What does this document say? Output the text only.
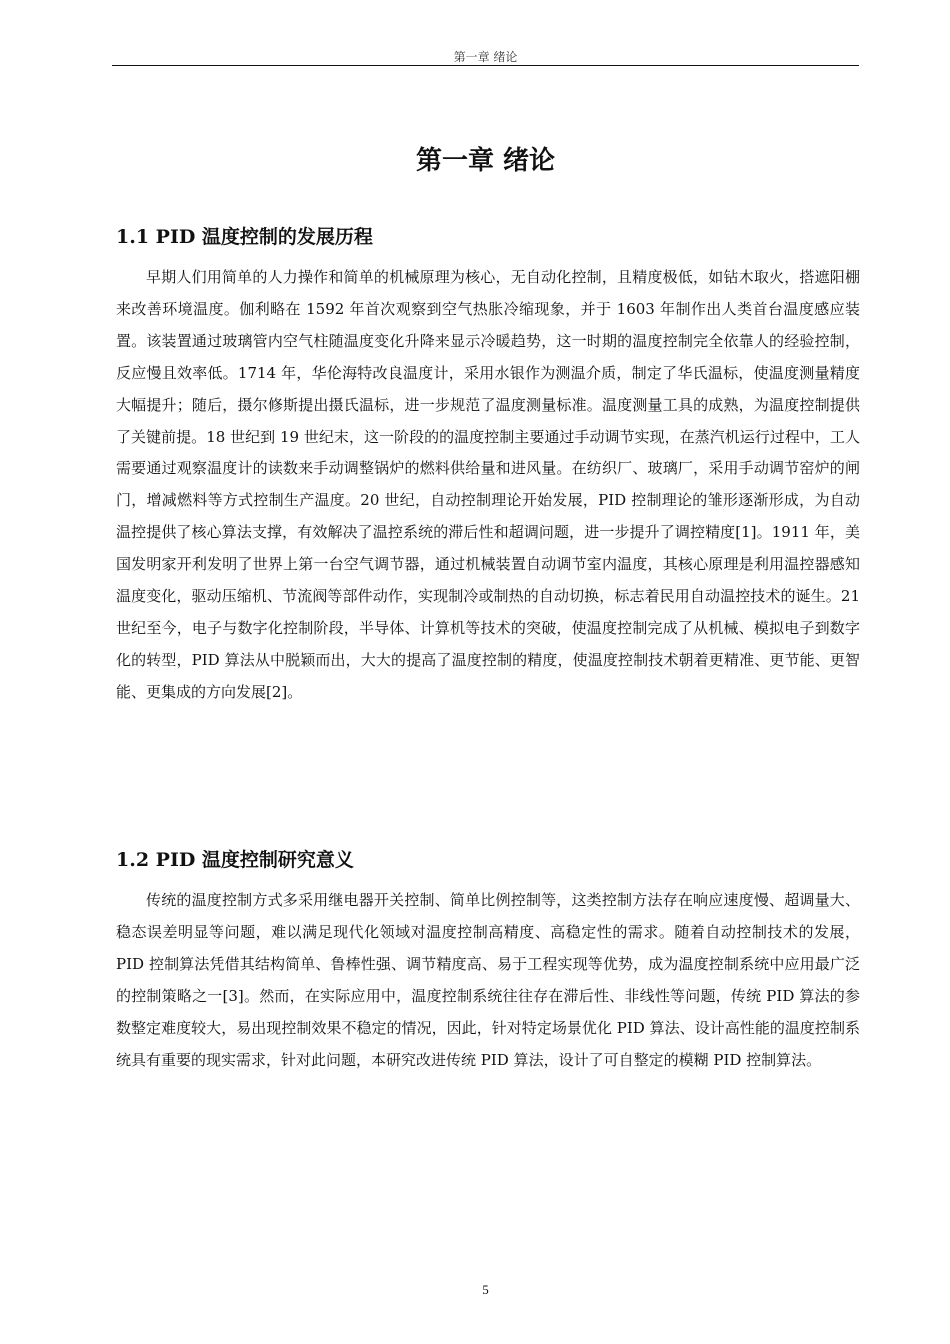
第一章 绪论
第一章 绪论
1.1 PID 温度控制的发展历程

早期人们用简单的人力操作和简单的机械原理为核心，无自动化控制，且精度极低，如钻木取火，搭遮阳棚来改善环境温度。伽利略在 1592 年首次观察到空气热胀冷缩现象，并于 1603 年制作出人类首台温度感应装置。该装置通过玻璃管内空气柱随温度变化升降来显示冷暖趋势，这一时期的温度控制完全依靠人的经验控制，反应慢且效率低。1714 年，华伦海特改良温度计，采用水银作为测温介质，制定了华氏温标，使温度测量精度大幅提升；随后，摄尔修斯提出摄氏温标，进一步规范了温度测量标准。温度测量工具的成熟，为温度控制提供了关键前提。18 世纪到 19 世纪末，这一阶段的的温度控制主要通过手动调节实现，在蒸汽机运行过程中，工人需要通过观察温度计的读数来手动调整锅炉的燃料供给量和进风量。在纺织厂、玻璃厂，采用手动调节窑炉的闸门，增减燃料等方式控制生产温度。20 世纪，自动控制理论开始发展，PID 控制理论的雏形逐渐形成，为自动温控提供了核心算法支撑，有效解决了温控系统的滞后性和超调问题，进一步提升了调控精度[1]。1911 年，美国发明家开利发明了世界上第一台空气调节器，通过机械装置自动调节室内温度，其核心原理是利用温控器感知温度变化，驱动压缩机、节流阀等部件动作，实现制冷或制热的自动切换，标志着民用自动温控技术的诞生。21 世纪至今，电子与数字化控制阶段，半导体、计算机等技术的突破，使温度控制完成了从机械、模拟电子到数字化的转型，PID 算法从中脱颖而出，大大的提高了温度控制的精度，使温度控制技术朝着更精准、更节能、更智能、更集成的方向发展[2]。

1.2 PID 温度控制研究意义

传统的温度控制方式多采用继电器开关控制、简单比例控制等，这类控制方法存在响应速度慢、超调量大、稳态误差明显等问题，难以满足现代化领域对温度控制高精度、高稳定性的需求。随着自动控制技术的发展，PID 控制算法凭借其结构简单、鲁棒性强、调节精度高、易于工程实现等优势，成为温度控制系统中应用最广泛的控制策略之一[3]。然而，在实际应用中，温度控制系统往往存在滞后性、非线性等问题，传统 PID 算法的参数整定难度较大，易出现控制效果不稳定的情况，因此，针对特定场景优化 PID 算法、设计高性能的温度控制系统具有重要的现实需求，针对此问题，本研究改进传统 PID 算法，设计了可自整定的模糊 PID 控制算法。

5
